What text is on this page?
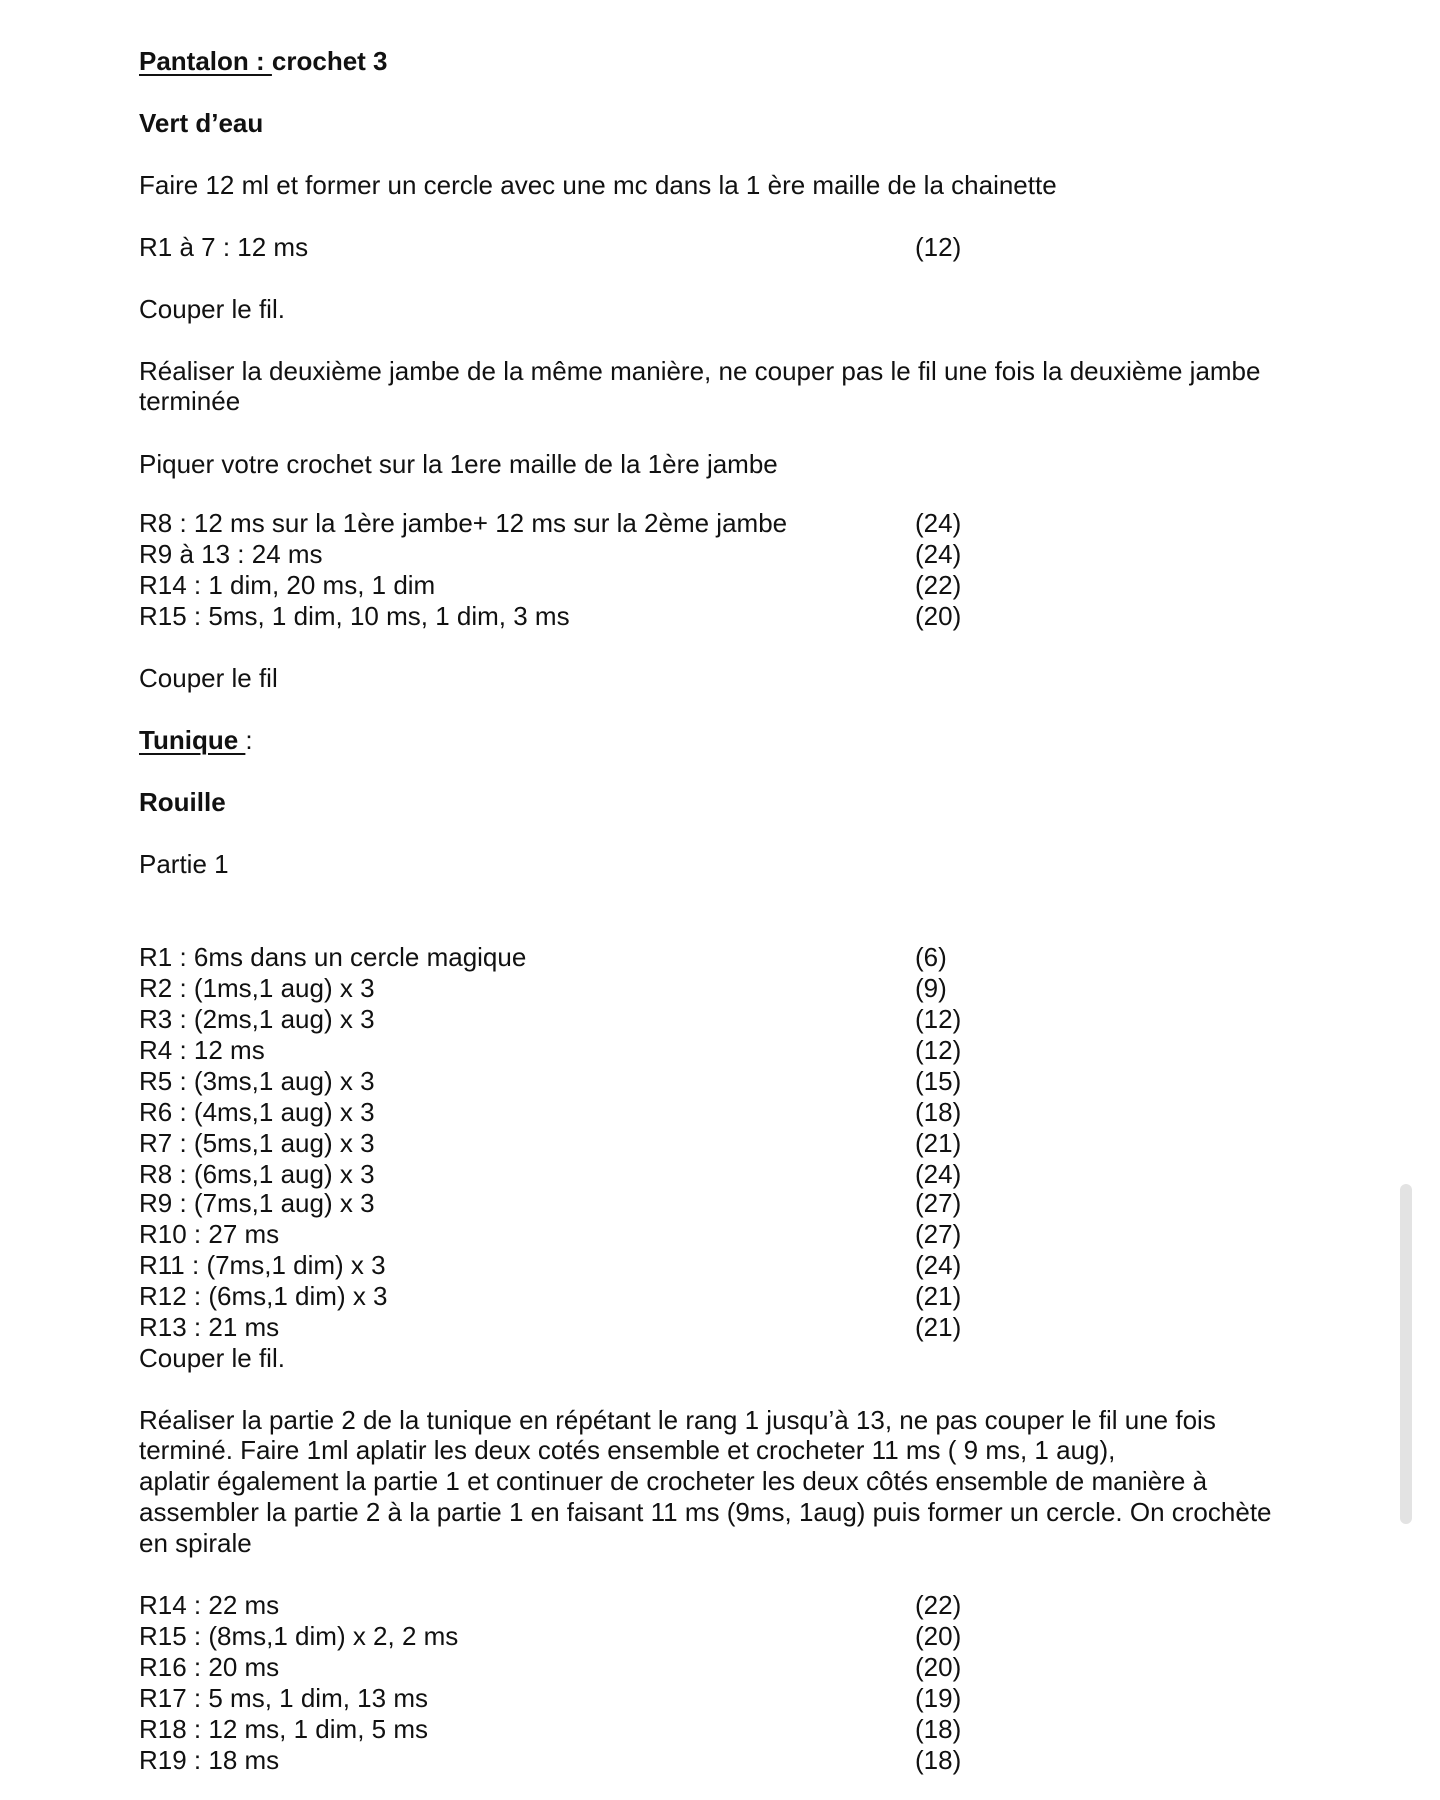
Pantalon : crochet 3
Vert d’eau
Faire 12 ml et former un cercle avec une mc dans la 1 ère maille de la chainette
R1 à 7 : 12 ms	(12)
Couper le fil.
Réaliser la deuxième jambe de la même manière, ne couper pas le fil une fois la deuxième jambe terminée
Piquer votre crochet sur la 1ere maille de la 1ère jambe
R8 : 12 ms sur la 1ère jambe+ 12 ms sur la 2ème jambe	(24)
R9 à 13 : 24 ms	(24)
R14 : 1 dim, 20 ms, 1 dim	(22)
R15 : 5ms, 1 dim, 10 ms, 1 dim, 3 ms	(20)
Couper le fil
Tunique :
Rouille
Partie 1
R1 : 6ms dans un cercle magique	(6)
R2 : (1ms,1 aug) x 3	(9)
R3 : (2ms,1 aug) x 3	(12)
R4 : 12 ms	(12)
R5 : (3ms,1 aug) x 3	(15)
R6 : (4ms,1 aug) x 3	(18)
R7 : (5ms,1 aug) x 3	(21)
R8 : (6ms,1 aug) x 3	(24)
R9 : (7ms,1 aug) x 3	(27)
R10 : 27 ms	(27)
R11 : (7ms,1 dim) x 3	(24)
R12 : (6ms,1 dim) x 3	(21)
R13 : 21 ms	(21)
Couper le fil.
Réaliser la partie 2 de la tunique en répétant le rang 1 jusqu’à 13, ne pas couper le fil une fois
terminé. Faire 1ml aplatir les deux cotés ensemble et crocheter 11 ms ( 9 ms, 1 aug),
aplatir également la partie 1 et continuer de crocheter les deux côtés ensemble de manière à
assembler la partie 2 à la partie 1 en faisant 11 ms (9ms, 1aug) puis former un cercle. On crochète
en spirale
R14 : 22 ms	(22)
R15 : (8ms,1 dim) x 2, 2 ms	(20)
R16 : 20 ms	(20)
R17 : 5 ms, 1 dim, 13 ms	(19)
R18 : 12 ms, 1 dim, 5 ms	(18)
R19 : 18 ms	(18)
